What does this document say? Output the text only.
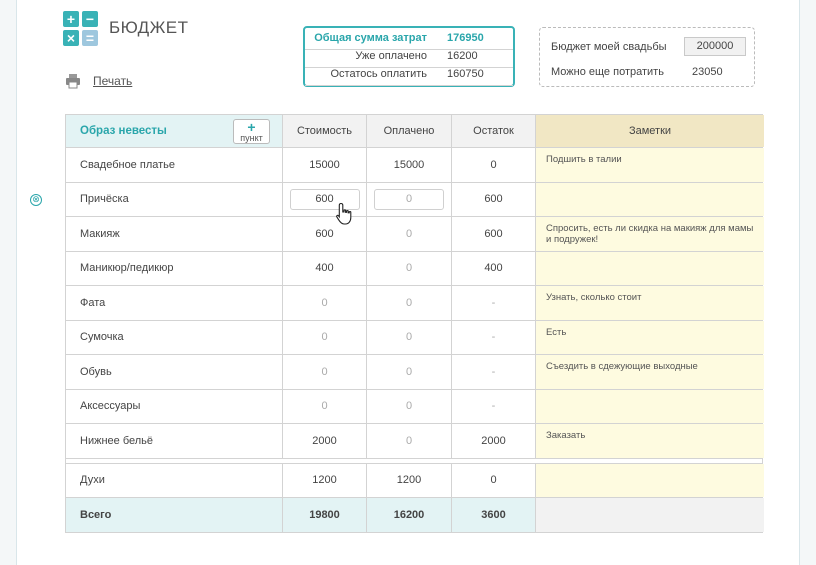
+ −
× =
БЮДЖЕТ
Печать
Общая сумма затрат 176950
Уже оплачено 16200
Остатось оплатить 160750
Бюджет моей свадьбы	200000
Можно еще потратить	23050
Образ невесты	+
пункт
Стоимость	Оплачено	Остаток	Заметки
Свадебное платье	15000	15000	0	Подшить в талии
Причёска	600	0	600
Макияж	600	0	600	Спросить, есть ли скидка на макияж для мамы и подружек!
Маникюр/педикюр	400	0	400
Фата	0	0	-	Узнать, сколько стоит
Сумочка	0	0	-	Есть
Обувь	0	0	-	Съездить в сдежующие выходные
Аксессуары	0	0	-
Нижнее бельё	2000	0	2000	Заказать
Духи	1200	1200	0
Всего	19800	16200	3600
⊗
